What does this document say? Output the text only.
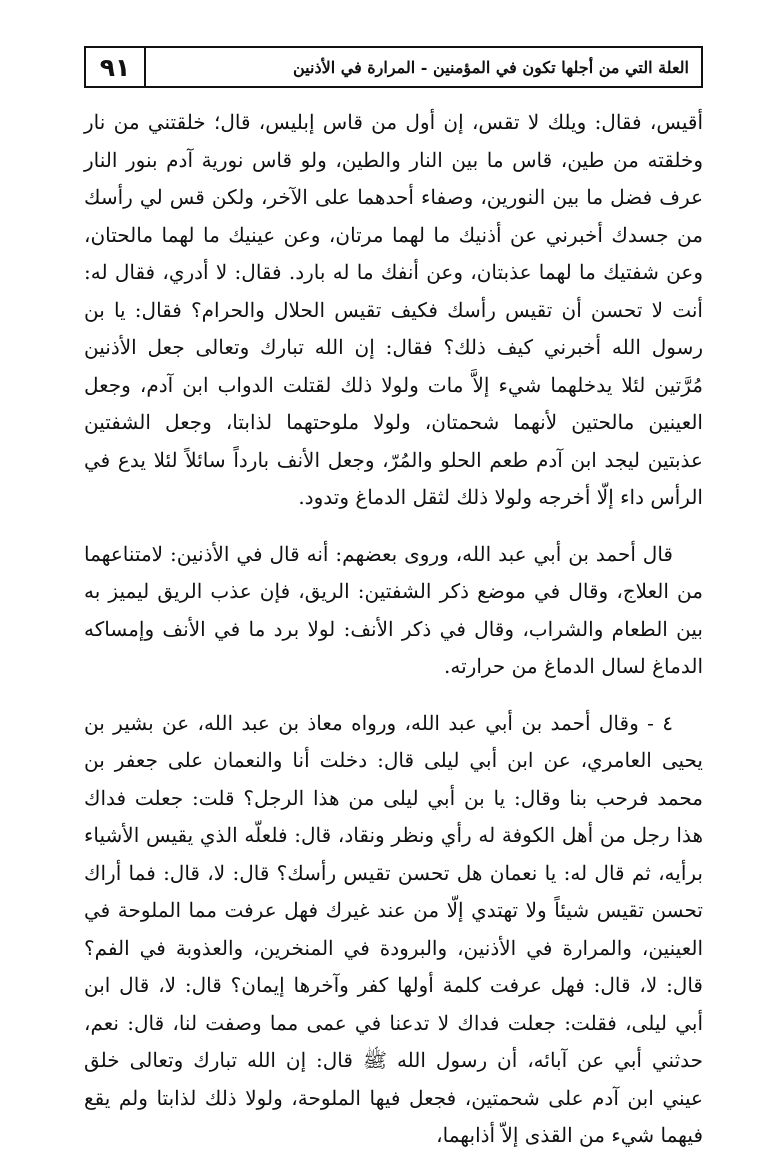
٩١	العلة التي من أجلها تكون في المؤمنين - المرارة في الأذنين

أقيس، فقال: ويلك لا تقس، إن أول من قاس إبليس، قال؛ خلقتني من نار وخلقته من طين، قاس ما بين النار والطين، ولو قاس نورية آدم بنور النار عرف فضل ما بين النورين، وصفاء أحدهما على الآخر، ولكن قس لي رأسك من جسدك أخبرني عن أذنيك ما لهما مرتان، وعن عينيك ما لهما مالحتان، وعن شفتيك ما لهما عذبتان، وعن أنفك ما له بارد. فقال: لا أدري، فقال له: أنت لا تحسن أن تقيس رأسك فكيف تقيس الحلال والحرام؟ فقال: يا بن رسول الله أخبرني كيف ذلك؟ فقال: إن الله تبارك وتعالى جعل الأذنين مُرَّتين لئلا يدخلهما شيء إلاَّ مات ولولا ذلك لقتلت الدواب ابن آدم، وجعل العينين مالحتين لأنهما شحمتان، ولولا ملوحتهما لذابتا، وجعل الشفتين عذبتين ليجد ابن آدم طعم الحلو والمُرّ، وجعل الأنف بارداً سائلاً لئلا يدع في الرأس داء إلّا أخرجه ولولا ذلك لثقل الدماغ وتدود.

قال أحمد بن أبي عبد الله، وروى بعضهم: أنه قال في الأذنين: لامتناعهما من العلاج، وقال في موضع ذكر الشفتين: الريق، فإن عذب الريق ليميز به بين الطعام والشراب، وقال في ذكر الأنف: لولا برد ما في الأنف وإمساكه الدماغ لسال الدماغ من حرارته.

٤ - وقال أحمد بن أبي عبد الله، ورواه معاذ بن عبد الله، عن بشير بن يحيى العامري، عن ابن أبي ليلى قال: دخلت أنا والنعمان على جعفر بن محمد فرحب بنا وقال: يا بن أبي ليلى من هذا الرجل؟ قلت: جعلت فداك هذا رجل من أهل الكوفة له رأي ونظر ونقاد، قال: فلعلّه الذي يقيس الأشياء برأيه، ثم قال له: يا نعمان هل تحسن تقيس رأسك؟ قال: لا، قال: فما أراك تحسن تقيس شيئاً ولا تهتدي إلّا من عند غيرك فهل عرفت مما الملوحة في العينين، والمرارة في الأذنين، والبرودة في المنخرين، والعذوبة في الفم؟ قال: لا، قال: فهل عرفت كلمة أولها كفر وآخرها إيمان؟ قال: لا، قال ابن أبي ليلى، فقلت: جعلت فداك لا تدعنا في عمى مما وصفت لنا، قال: نعم، حدثني أبي عن آبائه، أن رسول الله ﷺ قال: إن الله تبارك وتعالى خلق عيني ابن آدم على شحمتين، فجعل فيها الملوحة، ولولا ذلك لذابتا ولم يقع فيهما شيء من القذى إلاّ أذابهما،
